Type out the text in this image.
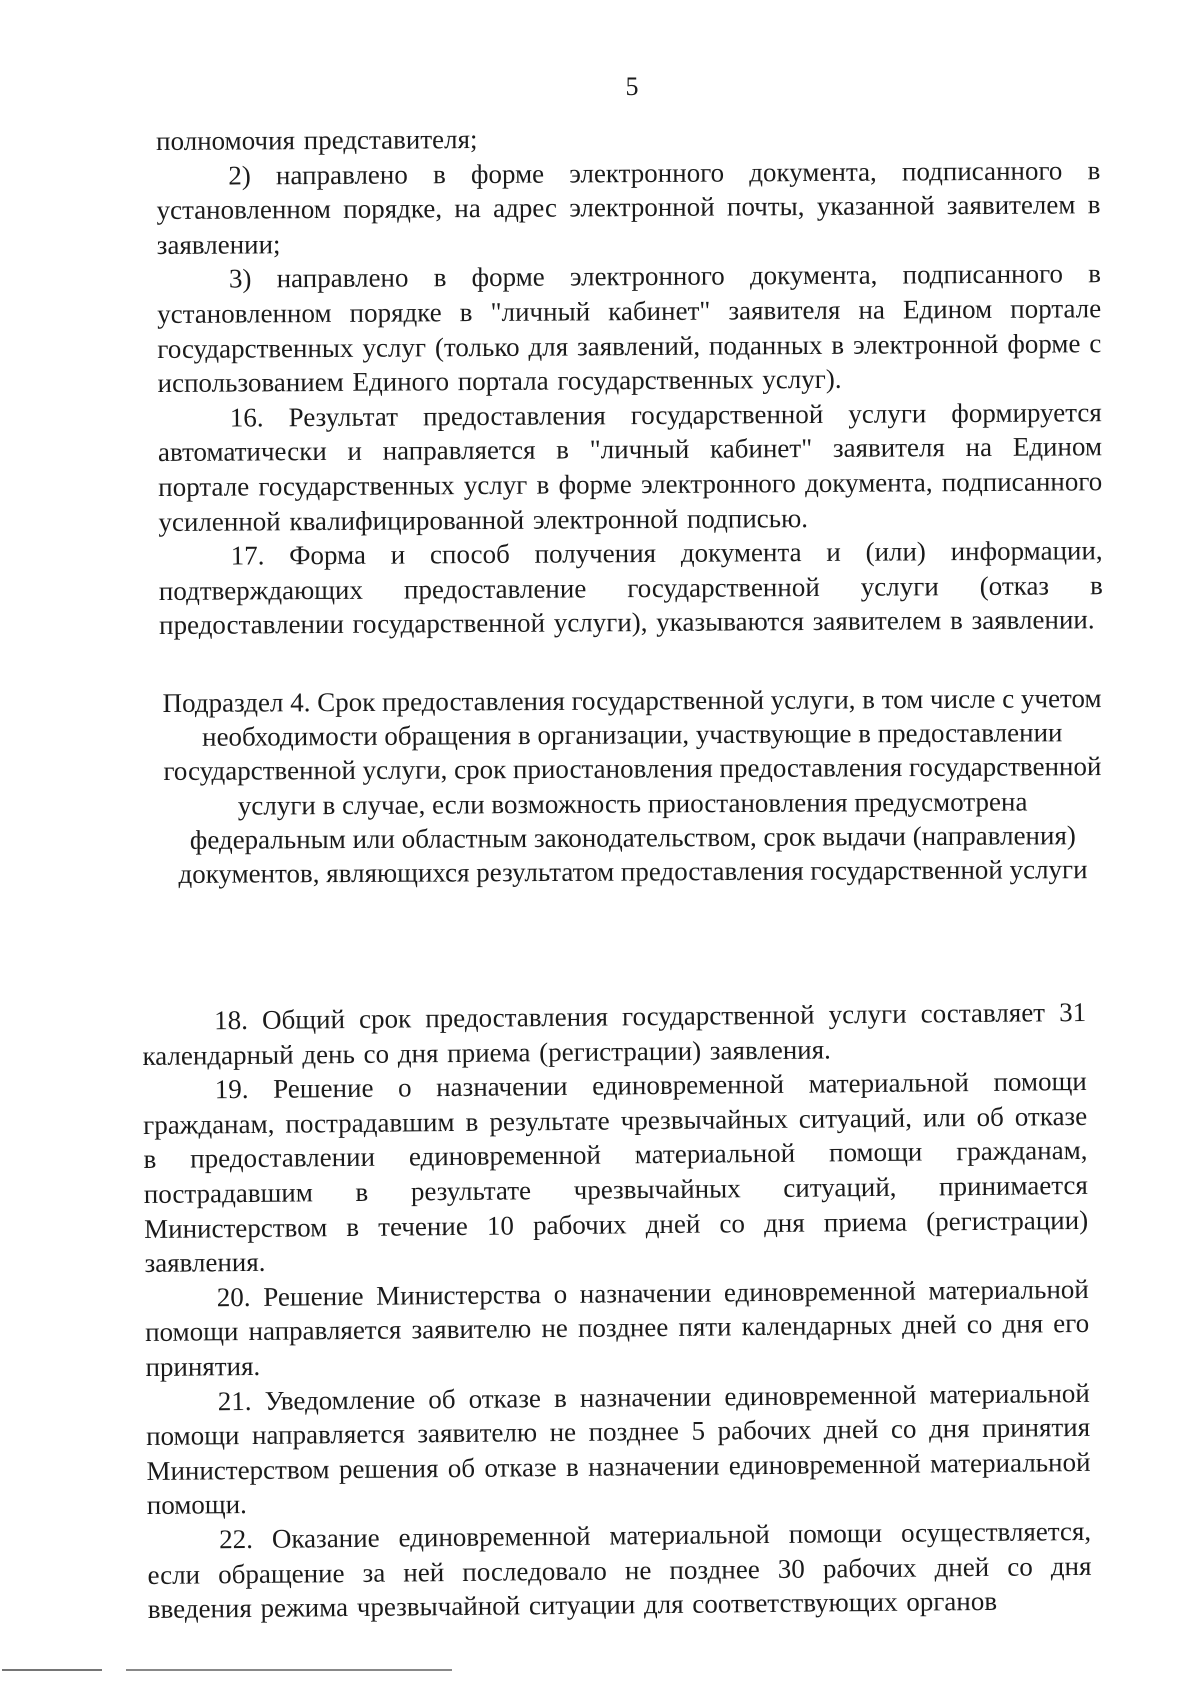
5

полномочия представителя;

2) направлено в форме электронного документа, подписанного в установленном порядке, на адрес электронной почты, указанной заявителем в заявлении;

3) направлено в форме электронного документа, подписанного в установленном порядке в "личный кабинет" заявителя на Едином портале государственных услуг (только для заявлений, поданных в электронной форме с использованием Единого портала государственных услуг).

16. Результат предоставления государственной услуги формируется автоматически и направляется в "личный кабинет" заявителя на Едином портале государственных услуг в форме электронного документа, подписанного усиленной квалифицированной электронной подписью.

17. Форма и способ получения документа и (или) информации, подтверждающих предоставление государственной услуги (отказ в предоставлении государственной услуги), указываются заявителем в заявлении.

Подраздел 4. Срок предоставления государственной услуги, в том числе с учетом необходимости обращения в организации, участвующие в предоставлении государственной услуги, срок приостановления предоставления государственной услуги в случае, если возможность приостановления предусмотрена федеральным или областным законодательством, срок выдачи (направления) документов, являющихся результатом предоставления государственной услуги

18. Общий срок предоставления государственной услуги составляет 31 календарный день со дня приема (регистрации) заявления.

19. Решение о назначении единовременной материальной помощи гражданам, пострадавшим в результате чрезвычайных ситуаций, или об отказе в предоставлении единовременной материальной помощи гражданам, пострадавшим в результате чрезвычайных ситуаций, принимается Министерством в течение 10 рабочих дней со дня приема (регистрации) заявления.

20. Решение Министерства о назначении единовременной материальной помощи направляется заявителю не позднее пяти календарных дней со дня его принятия.

21. Уведомление об отказе в назначении единовременной материальной помощи направляется заявителю не позднее 5 рабочих дней со дня принятия Министерством решения об отказе в назначении единовременной материальной помощи.

22. Оказание единовременной материальной помощи осуществляется, если обращение за ней последовало не позднее 30 рабочих дней со дня введения режима чрезвычайной ситуации для соответствующих органов
